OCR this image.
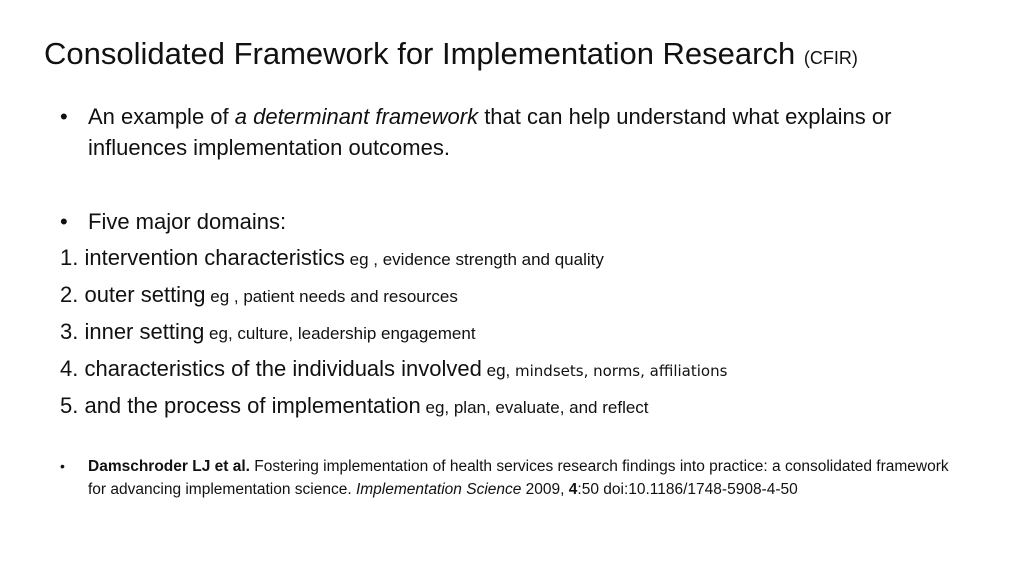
Consolidated Framework for Implementation Research (CFIR)
• An example of a determinant framework that can help understand what explains or influences implementation outcomes.
• Five major domains:
1. intervention characteristics eg , evidence strength and quality
2. outer setting eg , patient needs and resources
3. inner setting eg, culture, leadership engagement
4. characteristics of the individuals involved eg, mindsets, norms, affiliations
5. and the process of implementation eg, plan, evaluate, and reflect
• Damschroder LJ et al. Fostering implementation of health services research findings into practice: a consolidated framework for advancing implementation science. Implementation Science 2009, 4:50 doi:10.1186/1748-5908-4-50
